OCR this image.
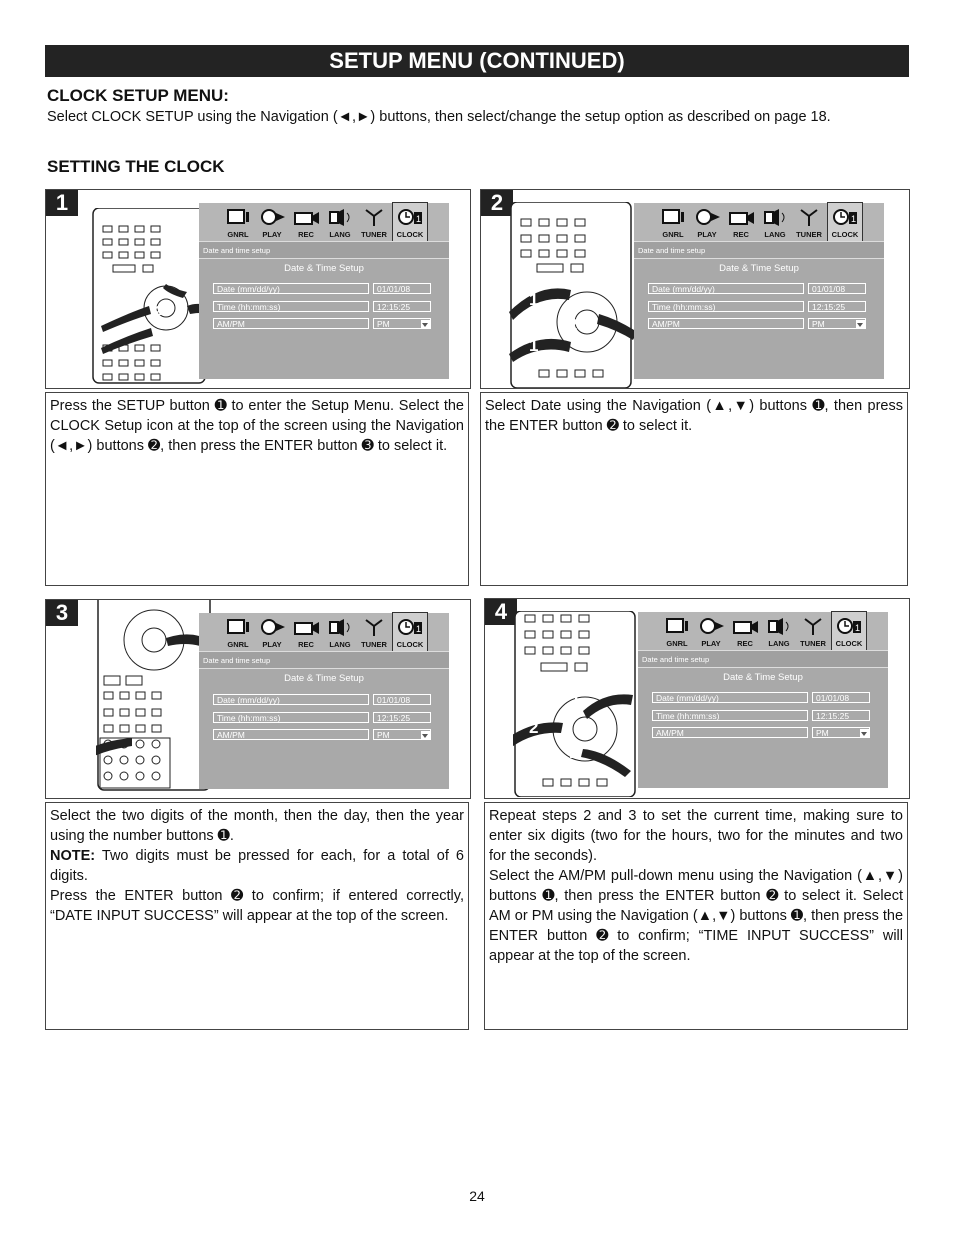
SETUP MENU (CONTINUED)
CLOCK SETUP MENU:
Select CLOCK SETUP using the Navigation (◄,►) buttons, then select/change the setup option as described on page 18.
SETTING THE CLOCK
1
2
3
2
1
GNRL	PLAY	REC	LANG	TUNER
1
CLOCK
Date and time setup
Date & Time Setup
Date (mm/dd/yy)	01/01/08
Time (hh:mm:ss)	12:15:25
AM/PM	PM
2
1
2
1
GNRL	PLAY	REC	LANG	TUNER
1
CLOCK
Date and time setup
Date & Time Setup
Date (mm/dd/yy)	01/01/08
Time (hh:mm:ss)	12:15:25
AM/PM	PM

Press the SETUP button ➊ to enter the Setup Menu. Select the CLOCK Setup icon at the top of the screen using the Navigation (◄,►) buttons ➋, then press the ENTER button ➌ to select it.

Select Date using the Navigation (▲,▼) buttons ➊, then press the ENTER button ➋ to select it.

3
2
1
GNRL	PLAY	REC	LANG	TUNER
1
CLOCK
Date and time setup
Date & Time Setup
Date (mm/dd/yy)	01/01/08
Time (hh:mm:ss)	12:15:25
AM/PM	PM
4
1
2
1
GNRL	PLAY	REC	LANG	TUNER
1
CLOCK
Date and time setup
Date & Time Setup
Date (mm/dd/yy)	01/01/08
Time (hh:mm:ss)	12:15:25
AM/PM	PM

Select the two digits of the month, then the day, then the year using the number buttons ➊.

NOTE: Two digits must be pressed for each, for a total of 6 digits.

Press the ENTER button ➋ to confirm; if entered correctly, “DATE INPUT SUCCESS” will appear at the top of the screen.

Repeat steps 2 and 3 to set the current time, making sure to enter six digits (two for the hours, two for the minutes and two for the seconds).

Select the AM/PM pull-down menu using the Navigation (▲,▼) buttons ➊, then press the ENTER button ➋ to select it. Select AM or PM using the Navigation (▲,▼) buttons ➊, then press the ENTER button ➋ to confirm; “TIME INPUT SUCCESS” will appear at the top of the screen.

24
